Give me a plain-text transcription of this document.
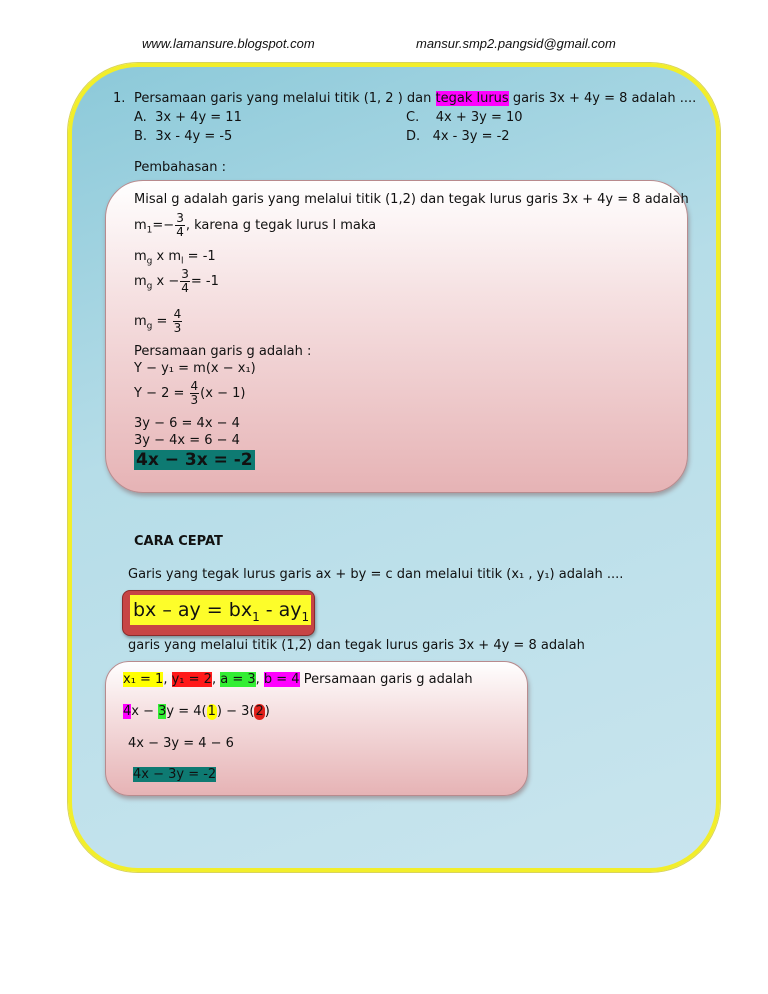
www.lamansure.blogspot.com	mansur.smp2.pangsid@gmail.com
1. Persamaan garis yang melalui titik (1, 2 ) dan tegak lurus garis 3x + 4y = 8 adalah ....
A. 3x + 4y = 11	C. 4x + 3y = 10
B. 3x - 4y = -5	D. 4x - 3y = -2
Pembahasan :
Misal g adalah garis yang melalui titik (1,2) dan tegak lurus garis 3x + 4y = 8 adalah
$m_1=- \frac{3}{4}$ , karena g tegak lurus l maka
$m_g$ x $m_l = -1$
$m_g$ $x - \frac{3}{4} = -1$
$m_g = \frac{4}{3}$
Persamaan garis g adalah :
Y − y₁ = m(x − x₁)
$Y - 2 = \frac{4}{3} (x - 1)$
3y − 6 = 4x − 4
3y − 4x = 6 − 4
4x − 3x = -2
CARA CEPAT
Garis yang tegak lurus garis ax + by = c dan melalui titik (x₁ , y₁) adalah ....
bx – ay = $bx_1 - ay_1$
garis yang melalui titik (1,2) dan tegak lurus garis 3x + 4y = 8 adalah
x₁ = 1, y₁ = 2, a = 3, b = 4 Persamaan garis g adalah
4x − 3y = 4(1) − 3(2)
4x − 3y = 4 − 6
4x − 3y = -2
